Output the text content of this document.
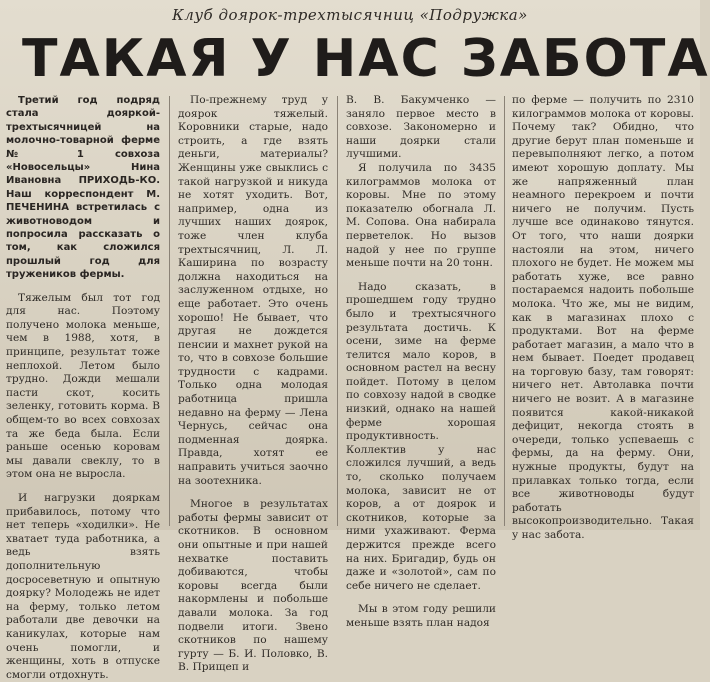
Клуб доярок-трехтысячниц «Подружка»
ТАКАЯ У НАС ЗАБОТА

Третий год подряд стала дояркой-трехтысячницей на молочно-товарной ферме № 1 совхоза «Новосельцы» Нина Ивановна ПРИХОДЬ-КО. Наш корреспондент М. ПЕЧЕНИНА встретилась с животноводом и попросила рассказать о том, как сложился прошлый год для тружеников фермы.

Тяжелым был тот год для нас. Поэтому получено молока меньше, чем в 1988, хотя, в принципе, результат тоже неплохой. Летом было трудно. Дожди мешали пасти скот, косить зеленку, готовить корма. В общем-то во всех совхозах та же беда была. Если раньше осенью коровам мы давали свеклу, то в этом она не выросла.

И нагрузки дояркам прибавилось, потому что нет теперь «ходилки». Не хватает туда работника, а ведь взять дополнительную досросеветную и опытную доярку? Молодежь не идет на ферму, только летом работали две девочки на каникулах, которые нам очень помогли, и женщины, хоть в отпуске смогли отдохнуть.

По-прежнему труд у доярок тяжелый. Коровники старые, надо строить, а где взять деньги, материалы? Женщины уже свыклись с такой нагрузкой и никуда не хотят уходить. Вот, например, одна из лучших наших доярок, тоже член клуба трехтысячниц, Л. Л. Каширина по возрасту должна находиться на заслуженном отдыхе, но еще работает. Это очень хорошо! Не бывает, что другая не дождется пенсии и махнет рукой на то, что в совхозе большие трудности с кадрами. Только одна молодая работница пришла недавно на ферму — Лена Чернусь, сейчас она подменная доярка. Правда, хотят ее направить учиться заочно на зоотехника.

Многое в результатах работы фермы зависит от скотников. В основном они опытные и при нашей нехватке поставить добиваются, чтобы коровы всегда были накормлены и побольше давали молока. За год подвели итоги. Звено скотников по нашему гурту — Б. И. Половко, В. В. Прищеп и

В. В. Бакумченко — заняло первое место в совхозе. Закономерно и наши доярки стали лучшими.

Я получила по 3435 килограммов молока от коровы. Мне по этому показателю обогнала Л. М. Сопова. Она набирала перветелок. Но вызов надой у нее по группе меньше почти на 20 тонн.

Надо сказать, в прошедшем году трудно было и трехтысячного результата достичь. К осени, зиме на ферме телится мало коров, в основном растел на весну пойдет. Потому в целом по совхозу надой в сводке низкий, однако на нашей ферме хорошая продуктивность. Коллектив у нас сложился лучший, а ведь то, сколько получаем молока, зависит не от коров, а от доярок и скотников, которые за ними ухаживают. Ферма держится прежде всего на них. Бригадир, будь он даже и «золотой», сам по себе ничего не сделает.

Мы в этом году решили меньше взять план надоя

по ферме — получить по 2310 килограммов молока от коровы. Почему так? Обидно, что другие берут план поменьше и перевыполняют легко, а потом имеют хорошую доплату. Мы же напряженный план неамного перекроем и почти ничего не получим. Пусть лучше все одинаково тянутся. От того, что наши доярки настояли на этом, ничего плохого не будет. Не можем мы работать хуже, все равно постараемся надоить побольше молока. Что же, мы не видим, как в магазинах плохо с продуктами. Вот на ферме работает магазин, а мало что в нем бывает. Поедет продавец на торговую базу, там говорят: ничего нет. Автолавка почти ничего не возит. А в магазине появится какой-никакой дефицит, некогда стоять в очереди, только успеваешь с фермы, да на ферму. Они, нужные продукты, будут на прилавках только тогда, если все животноводы будут работать высокопроизводительно. Такая у нас забота.
